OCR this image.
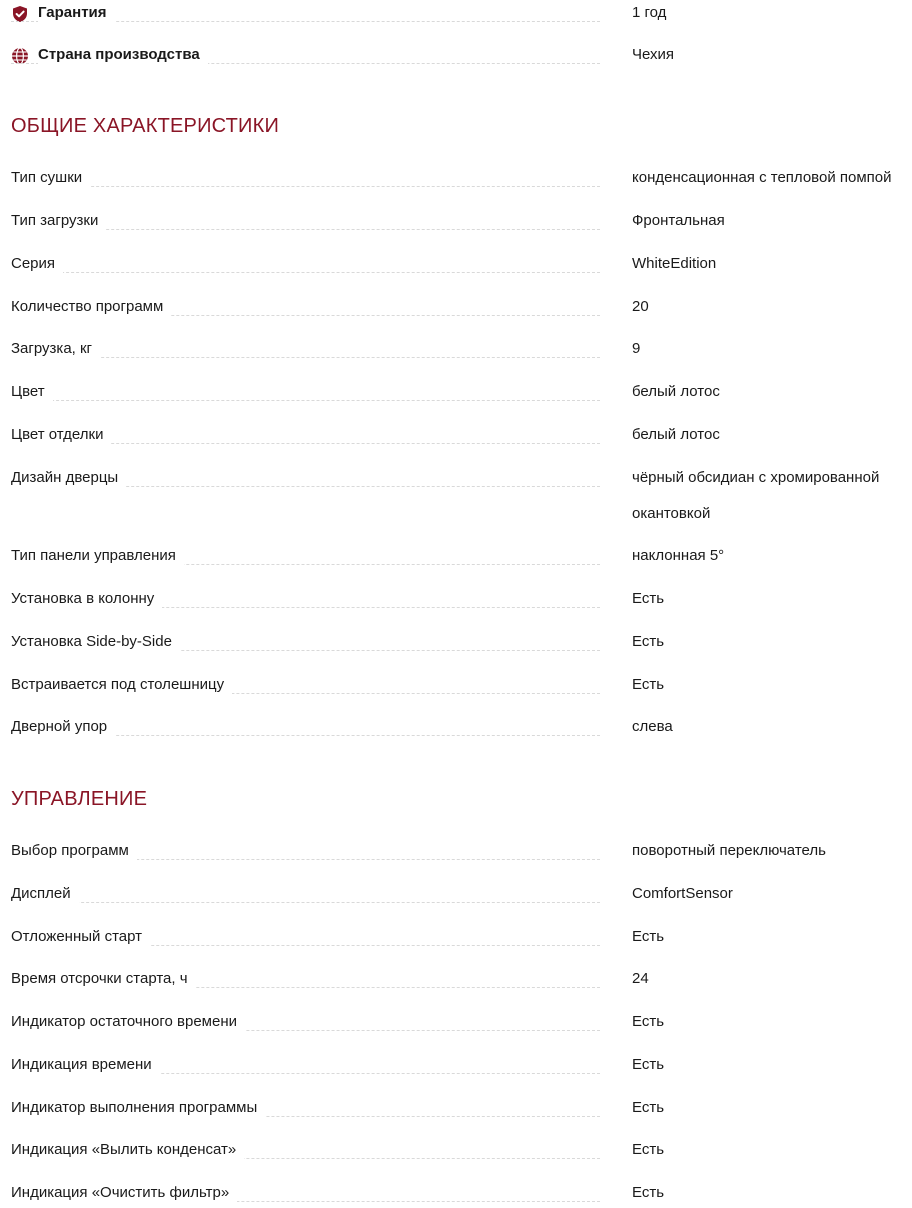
Гарантия	1 год
Страна производства	Чехия
ОБЩИЕ ХАРАКТЕРИСТИКИ
Тип сушки	конденсационная с тепловой помпой
Тип загрузки	Фронтальная
Серия	WhiteEdition
Количество программ	20
Загрузка, кг	9
Цвет	белый лотос
Цвет отделки	белый лотос
Дизайн дверцы	чёрный обсидиан с хромированной окантовкой
Тип панели управления	наклонная 5°
Установка в колонну	Есть
Установка Side-by-Side	Есть
Встраивается под столешницу	Есть
Дверной упор	слева
УПРАВЛЕНИЕ
Выбор программ	поворотный переключатель
Дисплей	ComfortSensor
Отложенный старт	Есть
Время отсрочки старта, ч	24
Индикатор остаточного времени	Есть
Индикация времени	Есть
Индикатор выполнения программы	Есть
Индикация «Вылить конденсат»	Есть
Индикация «Очистить фильтр»	Есть
